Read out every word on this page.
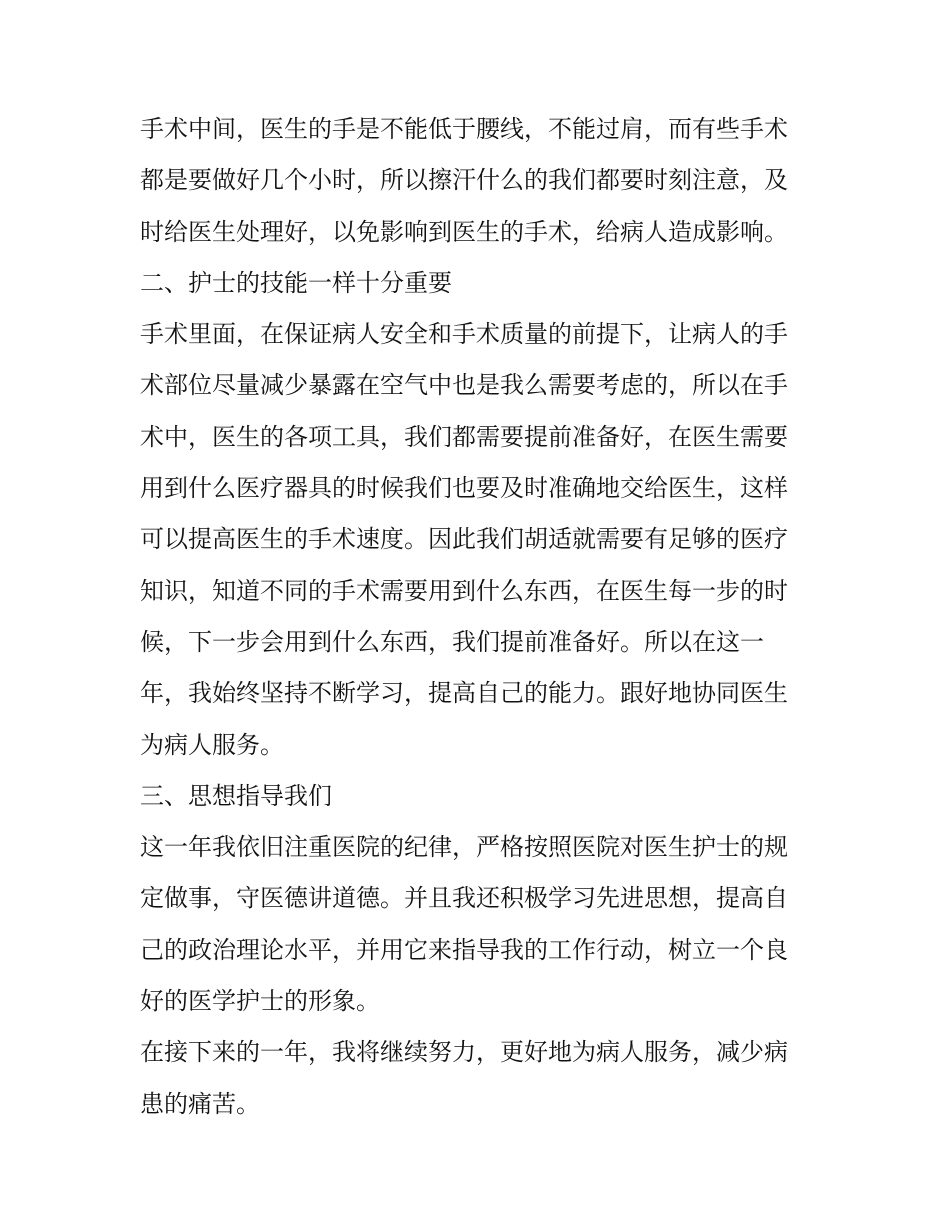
手术中间，医生的手是不能低于腰线，不能过肩，而有些手术

都是要做好几个小时，所以擦汗什么的我们都要时刻注意，及

时给医生处理好，以免影响到医生的手术，给病人造成影响。

二、护士的技能一样十分重要

手术里面，在保证病人安全和手术质量的前提下，让病人的手

术部位尽量减少暴露在空气中也是我么需要考虑的，所以在手

术中，医生的各项工具，我们都需要提前准备好，在医生需要

用到什么医疗器具的时候我们也要及时准确地交给医生，这样

可以提高医生的手术速度。因此我们胡适就需要有足够的医疗

知识，知道不同的手术需要用到什么东西，在医生每一步的时

候，下一步会用到什么东西，我们提前准备好。所以在这一

年，我始终坚持不断学习，提高自己的能力。跟好地协同医生

为病人服务。

三、思想指导我们

这一年我依旧注重医院的纪律，严格按照医院对医生护士的规

定做事，守医德讲道德。并且我还积极学习先进思想，提高自

己的政治理论水平，并用它来指导我的工作行动，树立一个良

好的医学护士的形象。

在接下来的一年，我将继续努力，更好地为病人服务，减少病

患的痛苦。
